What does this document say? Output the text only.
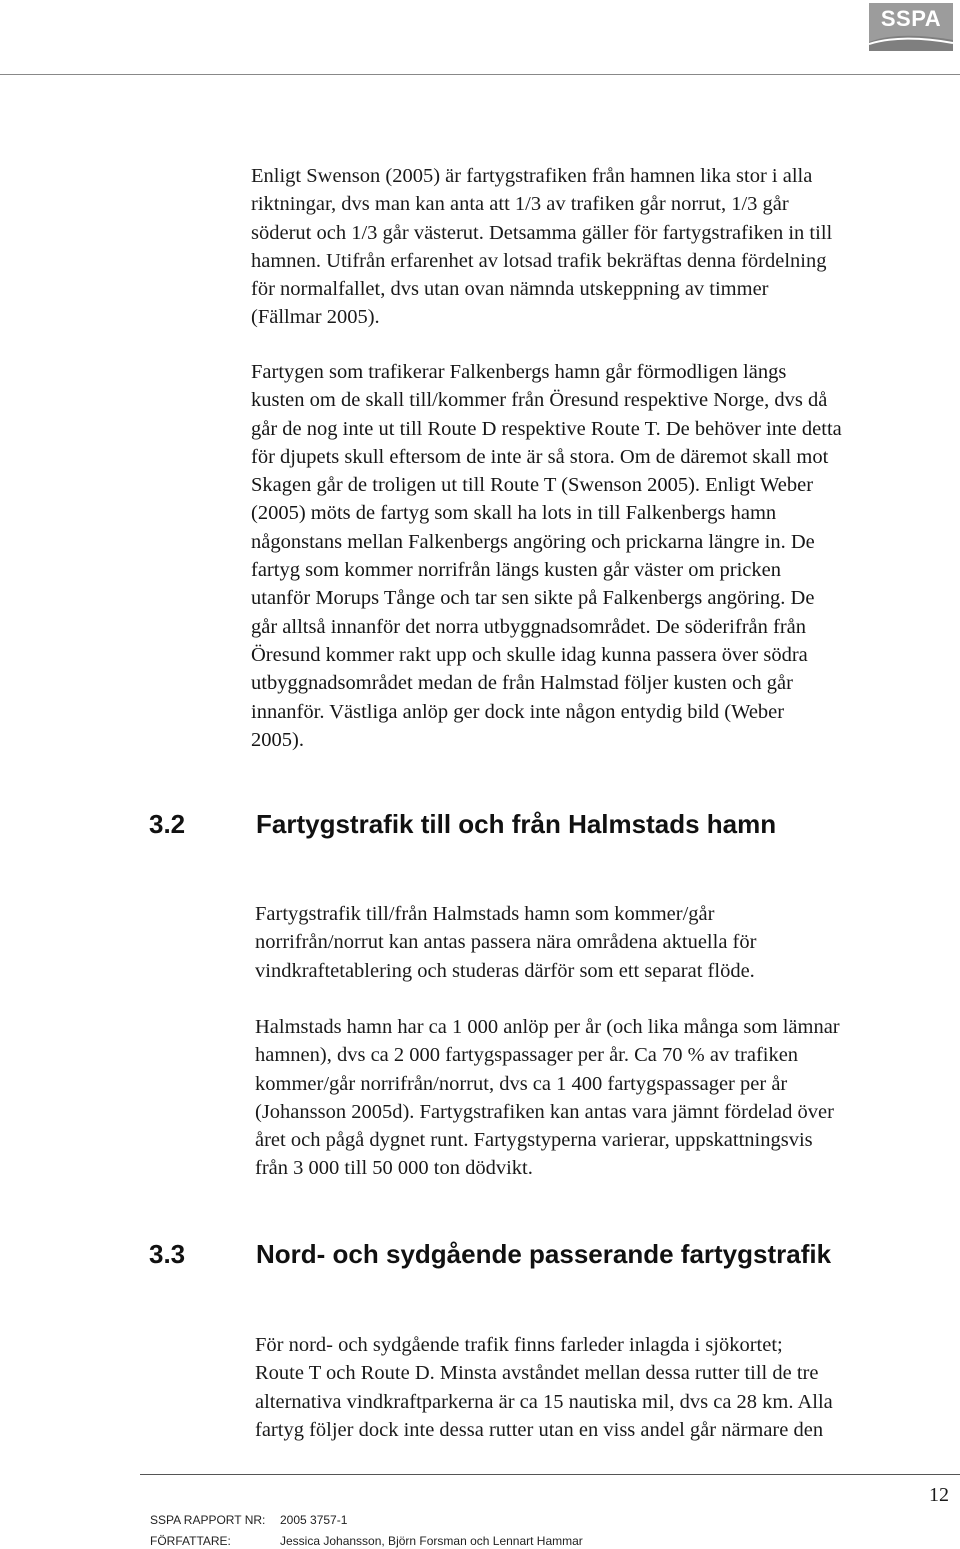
SSPA
Enligt Swenson (2005) är fartygstrafiken från hamnen lika stor i alla
riktningar, dvs man kan anta att 1/3 av trafiken går norrut, 1/3 går
söderut och 1/3 går västerut. Detsamma gäller för fartygstrafiken in till
hamnen. Utifrån erfarenhet av lotsad trafik bekräftas denna fördelning
för normalfallet, dvs utan ovan nämnda utskeppning av timmer
(Fällmar 2005).
Fartygen som trafikerar Falkenbergs hamn går förmodligen längs
kusten om de skall till/kommer från Öresund respektive Norge, dvs då
går de nog inte ut till Route D respektive Route T. De behöver inte detta
för djupets skull eftersom de inte är så stora. Om de däremot skall mot
Skagen går de troligen ut till Route T (Swenson 2005). Enligt Weber
(2005) möts de fartyg som skall ha lots in till Falkenbergs hamn
någonstans mellan Falkenbergs angöring och prickarna längre in. De
fartyg som kommer norrifrån längs kusten går väster om pricken
utanför Morups Tånge och tar sen sikte på Falkenbergs angöring. De
går alltså innanför det norra utbyggnadsområdet. De söderifrån från
Öresund kommer rakt upp och skulle idag kunna passera över södra
utbyggnadsområdet medan de från Halmstad följer kusten och går
innanför. Västliga anlöp ger dock inte någon entydig bild (Weber
2005).
3.2	Fartygstrafik till och från Halmstads hamn
Fartygstrafik till/från Halmstads hamn som kommer/går
norrifrån/norrut kan antas passera nära områdena aktuella för
vindkraftetablering och studeras därför som ett separat flöde.
Halmstads hamn har ca 1 000 anlöp per år (och lika många som lämnar
hamnen), dvs ca 2 000 fartygspassager per år. Ca 70 % av trafiken
kommer/går norrifrån/norrut, dvs ca 1 400 fartygspassager per år
(Johansson 2005d). Fartygstrafiken kan antas vara jämnt fördelad över
året och pågå dygnet runt. Fartygstyperna varierar, uppskattningsvis
från 3 000 till 50 000 ton dödvikt.
3.3	Nord- och sydgående passerande fartygstrafik
För nord- och sydgående trafik finns farleder inlagda i sjökortet;
Route T och Route D. Minsta avståndet mellan dessa rutter till de tre
alternativa vindkraftparkerna är ca 15 nautiska mil, dvs ca 28 km. Alla
fartyg följer dock inte dessa rutter utan en viss andel går närmare den
12
SSPA RAPPORT NR: 2005 3757-1
FÖRFATTARE:	Jessica Johansson, Björn Forsman och Lennart Hammar
